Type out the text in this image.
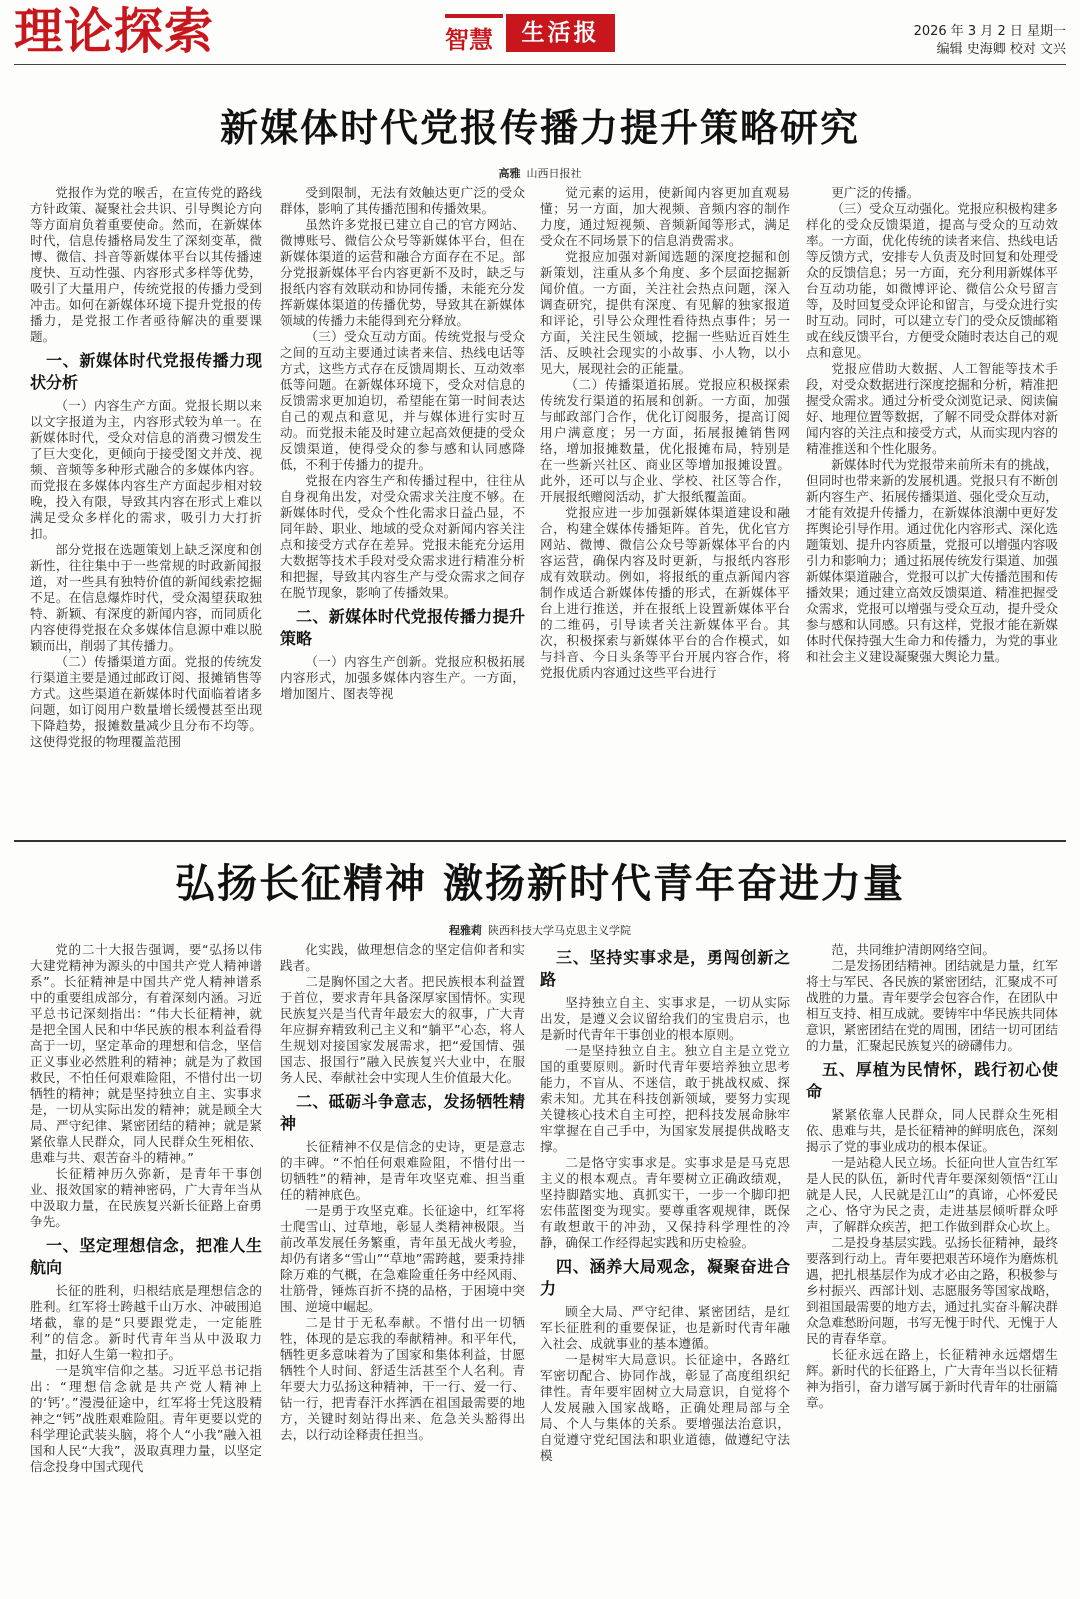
理论探索	智慧	生活报	2026 年 3 月 2 日 星期一
编辑 史海卿 校对 文兴
新媒体时代党报传播力提升策略研究
高雅 山西日报社

党报作为党的喉舌，在宣传党的路线方针政策、凝聚社会共识、引导舆论方向等方面肩负着重要使命。然而，在新媒体时代，信息传播格局发生了深刻变革，微博、微信、抖音等新媒体平台以其传播速度快、互动性强、内容形式多样等优势，吸引了大量用户，传统党报的传播力受到冲击。如何在新媒体环境下提升党报的传播力，是党报工作者亟待解决的重要课题。

一、新媒体时代党报传播力现状分析

（一）内容生产方面。党报长期以来以文字报道为主，内容形式较为单一。在新媒体时代，受众对信息的消费习惯发生了巨大变化，更倾向于接受图文并茂、视频、音频等多种形式融合的多媒体内容。而党报在多媒体内容生产方面起步相对较晚，投入有限，导致其内容在形式上难以满足受众多样化的需求，吸引力大打折扣。

部分党报在选题策划上缺乏深度和创新性，往往集中于一些常规的时政新闻报道，对一些具有独特价值的新闻线索挖掘不足。在信息爆炸时代，受众渴望获取独特、新颖、有深度的新闻内容，而同质化内容使得党报在众多媒体信息源中难以脱颖而出，削弱了其传播力。

（二）传播渠道方面。党报的传统发行渠道主要是通过邮政订阅、报摊销售等方式。这些渠道在新媒体时代面临着诸多问题，如订阅用户数量增长缓慢甚至出现下降趋势，报摊数量减少且分布不均等。这使得党报的物理覆盖范围

受到限制，无法有效触达更广泛的受众群体，影响了其传播范围和传播效果。

虽然许多党报已建立自己的官方网站、微博账号、微信公众号等新媒体平台，但在新媒体渠道的运营和融合方面存在不足。部分党报新媒体平台内容更新不及时，缺乏与报纸内容有效联动和协同传播，未能充分发挥新媒体渠道的传播优势，导致其在新媒体领域的传播力未能得到充分释放。

（三）受众互动方面。传统党报与受众之间的互动主要通过读者来信、热线电话等方式，这些方式存在反馈周期长、互动效率低等问题。在新媒体环境下，受众对信息的反馈需求更加迫切，希望能在第一时间表达自己的观点和意见，并与媒体进行实时互动。而党报未能及时建立起高效便捷的受众反馈渠道，使得受众的参与感和认同感降低，不利于传播力的提升。

党报在内容生产和传播过程中，往往从自身视角出发，对受众需求关注度不够。在新媒体时代，受众个性化需求日益凸显，不同年龄、职业、地域的受众对新闻内容关注点和接受方式存在差异。党报未能充分运用大数据等技术手段对受众需求进行精准分析和把握，导致其内容生产与受众需求之间存在脱节现象，影响了传播效果。

二、新媒体时代党报传播力提升策略

（一）内容生产创新。党报应积极拓展内容形式，加强多媒体内容生产。一方面，增加图片、图表等视

觉元素的运用，使新闻内容更加直观易懂；另一方面，加大视频、音频内容的制作力度，通过短视频、音频新闻等形式，满足受众在不同场景下的信息消费需求。

党报应加强对新闻选题的深度挖掘和创新策划，注重从多个角度、多个层面挖掘新闻价值。一方面，关注社会热点问题，深入调查研究，提供有深度、有见解的独家报道和评论，引导公众理性看待热点事件；另一方面，关注民生领域，挖掘一些贴近百姓生活、反映社会现实的小故事、小人物，以小见大，展现社会的正能量。

（二）传播渠道拓展。党报应积极探索传统发行渠道的拓展和创新。一方面，加强与邮政部门合作，优化订阅服务，提高订阅用户满意度；另一方面，拓展报摊销售网络，增加报摊数量，优化报摊布局，特别是在一些新兴社区、商业区等增加报摊设置。此外，还可以与企业、学校、社区等合作，开展报纸赠阅活动，扩大报纸覆盖面。

党报应进一步加强新媒体渠道建设和融合，构建全媒体传播矩阵。首先，优化官方网站、微博、微信公众号等新媒体平台的内容运营，确保内容及时更新，与报纸内容形成有效联动。例如，将报纸的重点新闻内容制作成适合新媒体传播的形式，在新媒体平台上进行推送，并在报纸上设置新媒体平台的二维码，引导读者关注新媒体平台。其次，积极探索与新媒体平台的合作模式，如与抖音、今日头条等平台开展内容合作，将党报优质内容通过这些平台进行

更广泛的传播。

（三）受众互动强化。党报应积极构建多样化的受众反馈渠道，提高与受众的互动效率。一方面，优化传统的读者来信、热线电话等反馈方式，安排专人负责及时回复和处理受众的反馈信息；另一方面，充分利用新媒体平台互动功能，如微博评论、微信公众号留言等，及时回复受众评论和留言，与受众进行实时互动。同时，可以建立专门的受众反馈邮箱或在线反馈平台，方便受众随时表达自己的观点和意见。

党报应借助大数据、人工智能等技术手段，对受众数据进行深度挖掘和分析，精准把握受众需求。通过分析受众浏览记录、阅读偏好、地理位置等数据，了解不同受众群体对新闻内容的关注点和接受方式，从而实现内容的精准推送和个性化服务。

新媒体时代为党报带来前所未有的挑战，但同时也带来新的发展机遇。党报只有不断创新内容生产、拓展传播渠道、强化受众互动，才能有效提升传播力，在新媒体浪潮中更好发挥舆论引导作用。通过优化内容形式、深化选题策划、提升内容质量，党报可以增强内容吸引力和影响力；通过拓展传统发行渠道、加强新媒体渠道融合，党报可以扩大传播范围和传播效果；通过建立高效反馈渠道、精准把握受众需求，党报可以增强与受众互动，提升受众参与感和认同感。只有这样，党报才能在新媒体时代保持强大生命力和传播力，为党的事业和社会主义建设凝聚强大舆论力量。

弘扬长征精神 激扬新时代青年奋进力量
程雅莉 陕西科技大学马克思主义学院

党的二十大报告强调，要“弘扬以伟大建党精神为源头的中国共产党人精神谱系”。长征精神是中国共产党人精神谱系中的重要组成部分，有着深刻内涵。习近平总书记深刻指出：“伟大长征精神，就是把全国人民和中华民族的根本利益看得高于一切，坚定革命的理想和信念，坚信正义事业必然胜利的精神；就是为了救国救民，不怕任何艰难险阻，不惜付出一切牺牲的精神；就是坚持独立自主、实事求是，一切从实际出发的精神；就是顾全大局、严守纪律、紧密团结的精神；就是紧紧依靠人民群众，同人民群众生死相依、患难与共、艰苦奋斗的精神。”

长征精神历久弥新，是青年干事创业、报效国家的精神密码，广大青年当从中汲取力量，在民族复兴新长征路上奋勇争先。

一、坚定理想信念，把准人生航向

长征的胜利，归根结底是理想信念的胜利。红军将士跨越千山万水、冲破围追堵截，靠的是“只要跟党走，一定能胜利”的信念。新时代青年当从中汲取力量，扣好人生第一粒扣子。

一是筑牢信仰之基。习近平总书记指出：“理想信念就是共产党人精神上的‘钙’。”漫漫征途中，红军将士凭这股精神之“钙”战胜艰难险阻。青年更要以党的科学理论武装头脑，将个人“小我”融入祖国和人民“大我”，汲取真理力量，以坚定信念投身中国式现代

化实践，做理想信念的坚定信仰者和实践者。

二是胸怀国之大者。把民族根本利益置于首位，要求青年具备深厚家国情怀。实现民族复兴是当代青年最宏大的叙事，广大青年应摒弃精致利己主义和“躺平”心态，将人生规划对接国家发展需求，把“爱国情、强国志、报国行”融入民族复兴大业中，在服务人民、奉献社会中实现人生价值最大化。

二、砥砺斗争意志，发扬牺牲精神

长征精神不仅是信念的史诗，更是意志的丰碑。“不怕任何艰难险阻，不惜付出一切牺牲”的精神，是青年攻坚克难、担当重任的精神底色。

一是勇于攻坚克难。长征途中，红军将士爬雪山、过草地，彰显人类精神极限。当前改革发展任务繁重，青年虽无战火考验，却仍有诸多“雪山”“草地”需跨越，要秉持排除万难的气概，在急难险重任务中经风雨、壮筋骨，锤炼百折不挠的品格，于困境中突围、逆境中崛起。

二是甘于无私奉献。不惜付出一切牺牲，体现的是忘我的奉献精神。和平年代，牺牲更多意味着为了国家和集体利益，甘愿牺牲个人时间、舒适生活甚至个人名利。青年要大力弘扬这种精神，干一行、爱一行、钻一行，把青春汗水挥洒在祖国最需要的地方，关键时刻站得出来、危急关头豁得出去，以行动诠释责任担当。

三、坚持实事求是，勇闯创新之路

坚持独立自主、实事求是，一切从实际出发，是遵义会议留给我们的宝贵启示，也是新时代青年干事创业的根本原则。

一是坚持独立自主。独立自主是立党立国的重要原则。新时代青年要培养独立思考能力，不盲从、不迷信，敢于挑战权威、探索未知。尤其在科技创新领域，要努力实现关键核心技术自主可控，把科技发展命脉牢牢掌握在自己手中，为国家发展提供战略支撑。

二是恪守实事求是。实事求是是马克思主义的根本观点。青年要树立正确政绩观，坚持脚踏实地、真抓实干，一步一个脚印把宏伟蓝图变为现实。要尊重客观规律，既保有敢想敢干的冲劲，又保持科学理性的冷静，确保工作经得起实践和历史检验。

四、涵养大局观念，凝聚奋进合力

顾全大局、严守纪律、紧密团结，是红军长征胜利的重要保证，也是新时代青年融入社会、成就事业的基本遵循。

一是树牢大局意识。长征途中，各路红军密切配合、协同作战，彰显了高度组织纪律性。青年要牢固树立大局意识，自觉将个人发展融入国家战略，正确处理局部与全局、个人与集体的关系。要增强法治意识，自觉遵守党纪国法和职业道德，做遵纪守法模

范，共同维护清朗网络空间。

二是发扬团结精神。团结就是力量，红军将士与军民、各民族的紧密团结，汇聚成不可战胜的力量。青年要学会包容合作，在团队中相互支持、相互成就。要铸牢中华民族共同体意识，紧密团结在党的周围，团结一切可团结的力量，汇聚起民族复兴的磅礴伟力。

五、厚植为民情怀，践行初心使命

紧紧依靠人民群众，同人民群众生死相依、患难与共，是长征精神的鲜明底色，深刻揭示了党的事业成功的根本保证。

一是站稳人民立场。长征向世人宣告红军是人民的队伍，新时代青年要深刻领悟“江山就是人民，人民就是江山”的真谛，心怀爱民之心、恪守为民之责，走进基层倾听群众呼声，了解群众疾苦，把工作做到群众心坎上。

二是投身基层实践。弘扬长征精神，最终要落到行动上。青年要把艰苦环境作为磨炼机遇，把扎根基层作为成才必由之路，积极参与乡村振兴、西部计划、志愿服务等国家战略，到祖国最需要的地方去，通过扎实奋斗解决群众急难愁盼问题，书写无愧于时代、无愧于人民的青春华章。

长征永远在路上，长征精神永远熠熠生辉。新时代的长征路上，广大青年当以长征精神为指引，奋力谱写属于新时代青年的壮丽篇章。
